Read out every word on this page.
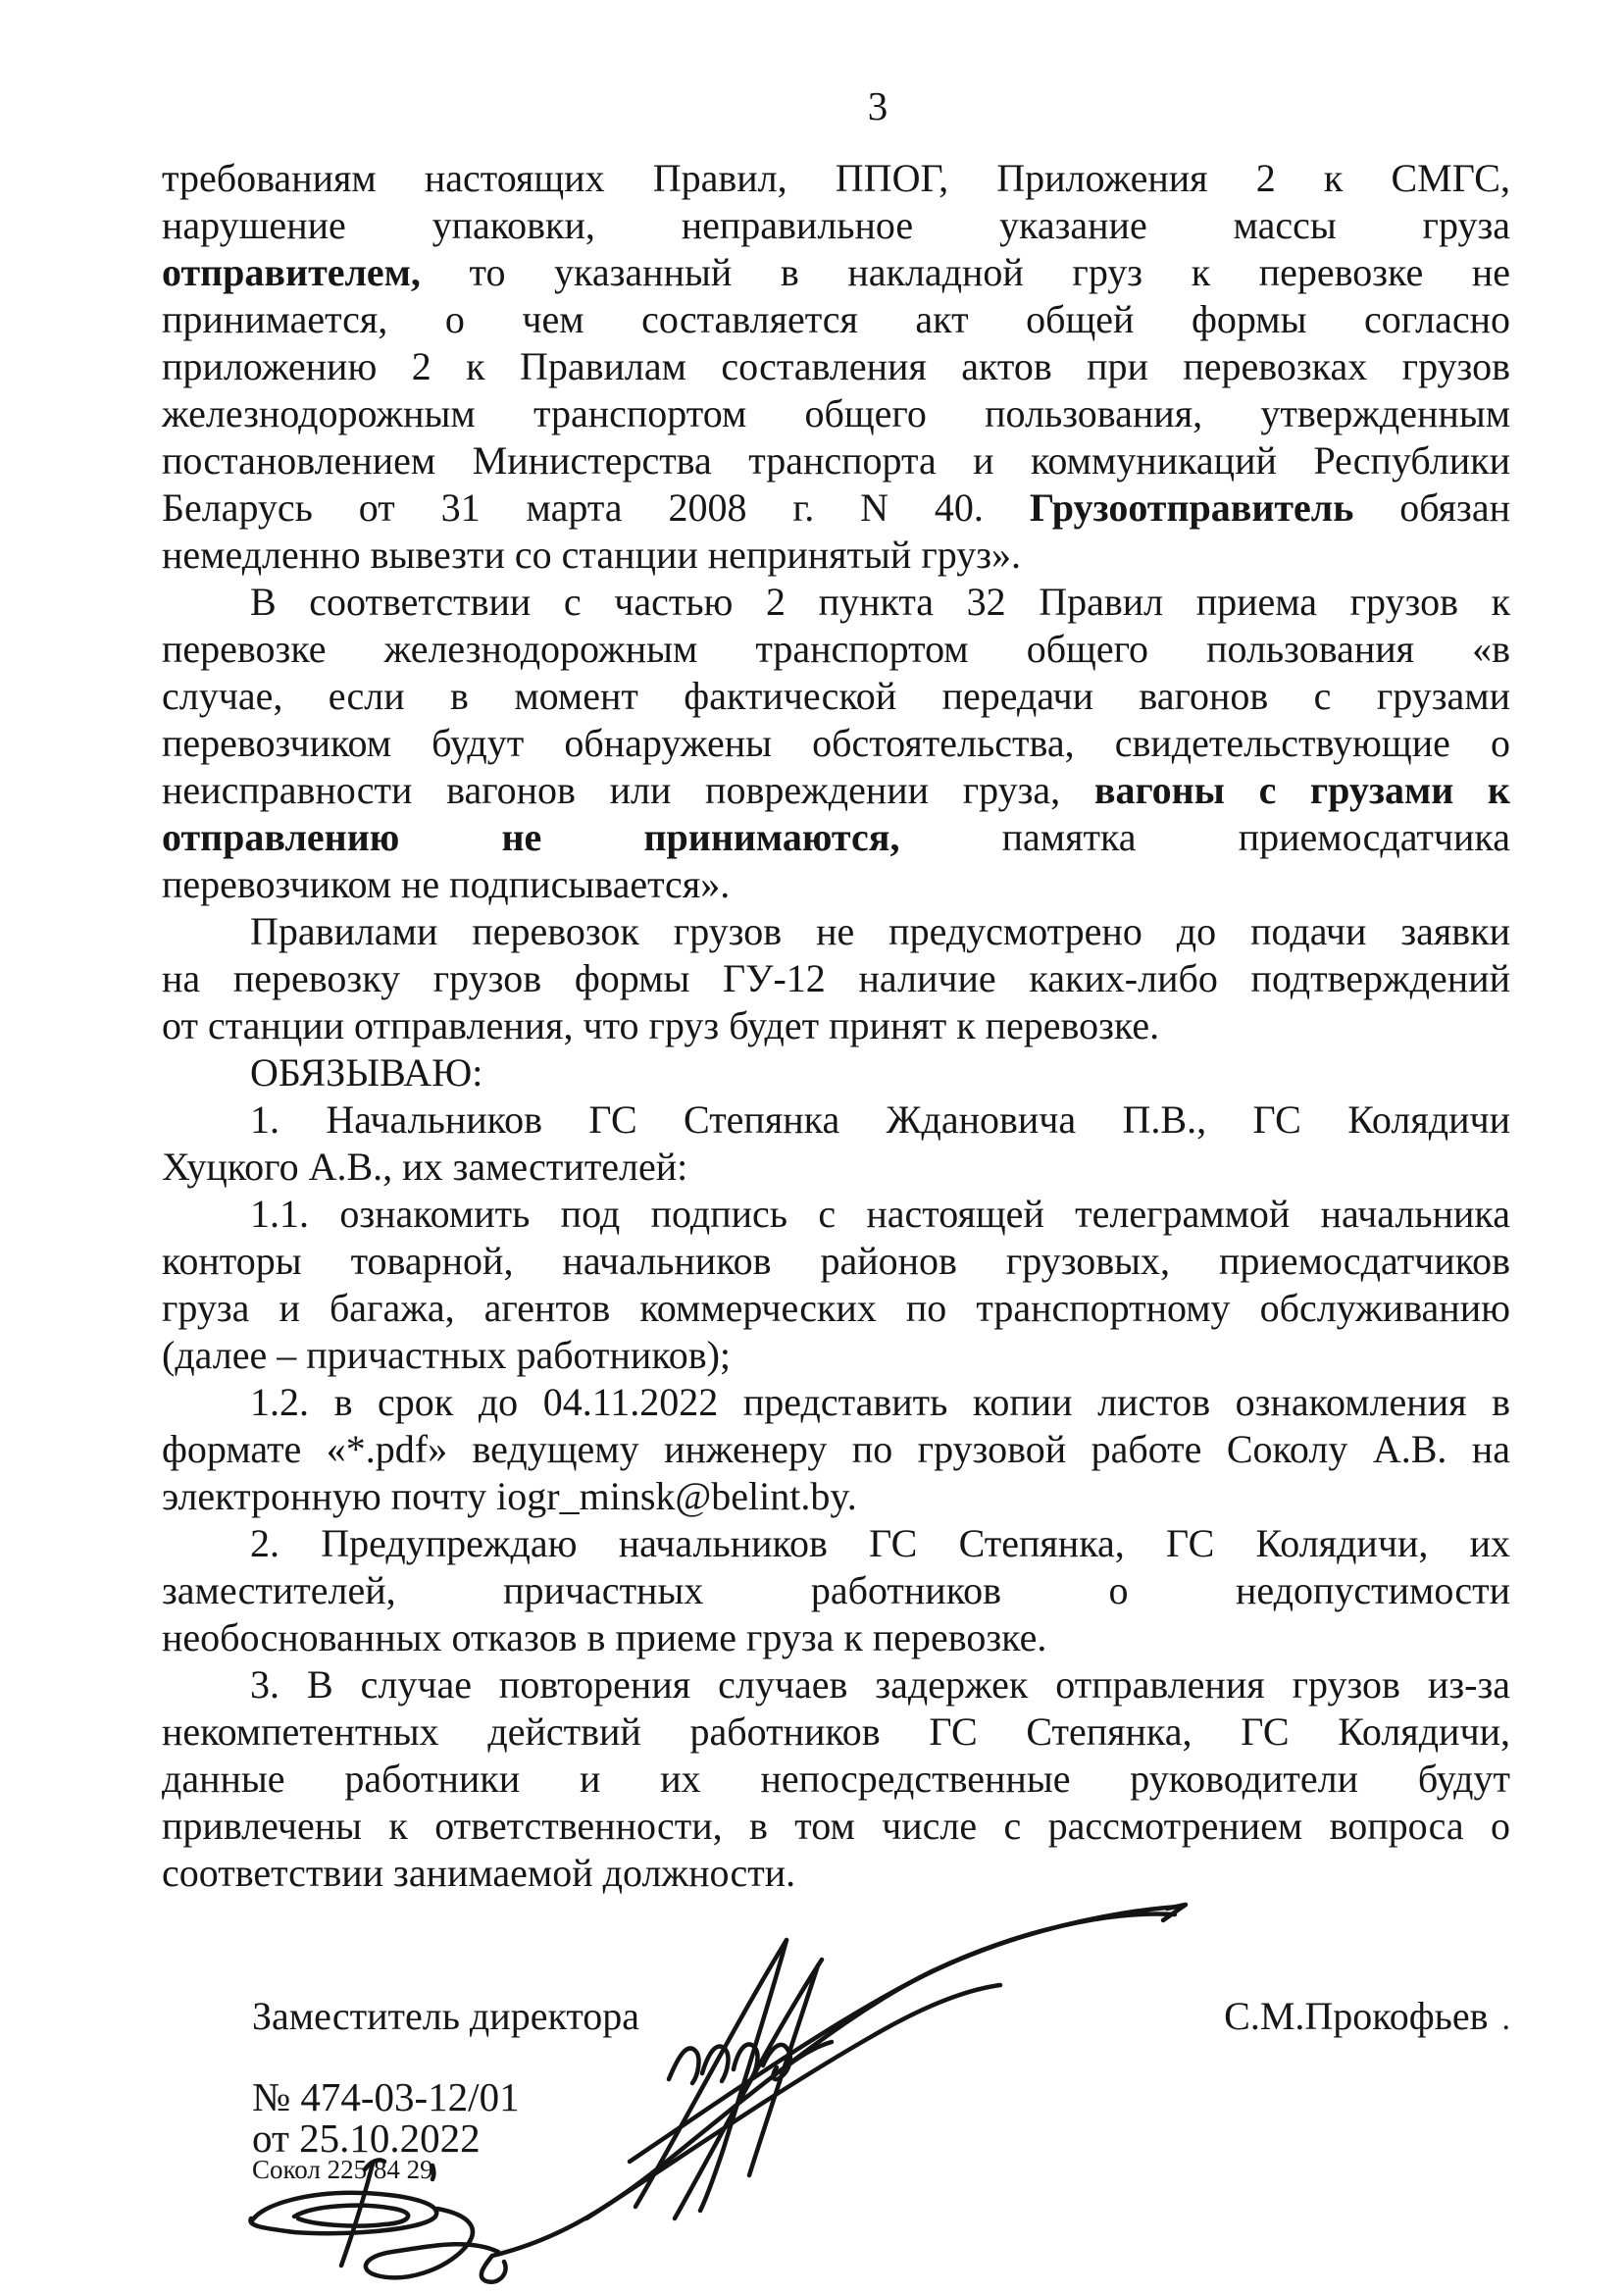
3
требованиям настоящих Правил, ППОГ, Приложения 2 к СМГС,
нарушение упаковки, неправильное указание массы груза
отправителем, то указанный в накладной груз к перевозке не
принимается, о чем составляется акт общей формы согласно
приложению 2 к Правилам составления актов при перевозках грузов
железнодорожным транспортом общего пользования, утвержденным
постановлением Министерства транспорта и коммуникаций Республики
Беларусь от 31 марта 2008 г. N 40. Грузоотправитель обязан
немедленно вывезти со станции непринятый груз».
В соответствии с частью 2 пункта 32 Правил приема грузов к
перевозке железнодорожным транспортом общего пользования «в
случае, если в момент фактической передачи вагонов с грузами
перевозчиком будут обнаружены обстоятельства, свидетельствующие о
неисправности вагонов или повреждении груза, вагоны с грузами к
отправлению не принимаются, памятка приемосдатчика
перевозчиком не подписывается».
Правилами перевозок грузов не предусмотрено до подачи заявки
на перевозку грузов формы ГУ-12 наличие каких-либо подтверждений
от станции отправления, что груз будет принят к перевозке.
ОБЯЗЫВАЮ:
1. Начальников ГС Степянка Ждановича П.В., ГС Колядичи
Хуцкого А.В., их заместителей:
1.1. ознакомить под подпись с настоящей телеграммой начальника
конторы товарной, начальников районов грузовых, приемосдатчиков
груза и багажа, агентов коммерческих по транспортному обслуживанию
(далее – причастных работников);
1.2. в срок до 04.11.2022 представить копии листов ознакомления в
формате «*.pdf» ведущему инженеру по грузовой работе Соколу А.В. на
электронную почту iogr_minsk@belint.by.
2. Предупреждаю начальников ГС Степянка, ГС Колядичи, их
заместителей, причастных работников о недопустимости
необоснованных отказов в приеме груза к перевозке.
3. В случае повторения случаев задержек отправления грузов из-за
некомпетентных действий работников ГС Степянка, ГС Колядичи,
данные работники и их непосредственные руководители будут
привлечены к ответственности, в том числе с рассмотрением вопроса о
соответствии занимаемой должности.
Заместитель директора	С.М.Прокофьев .
№ 474-03-12/01
от 25.10.2022
Сокол 225 84 29
